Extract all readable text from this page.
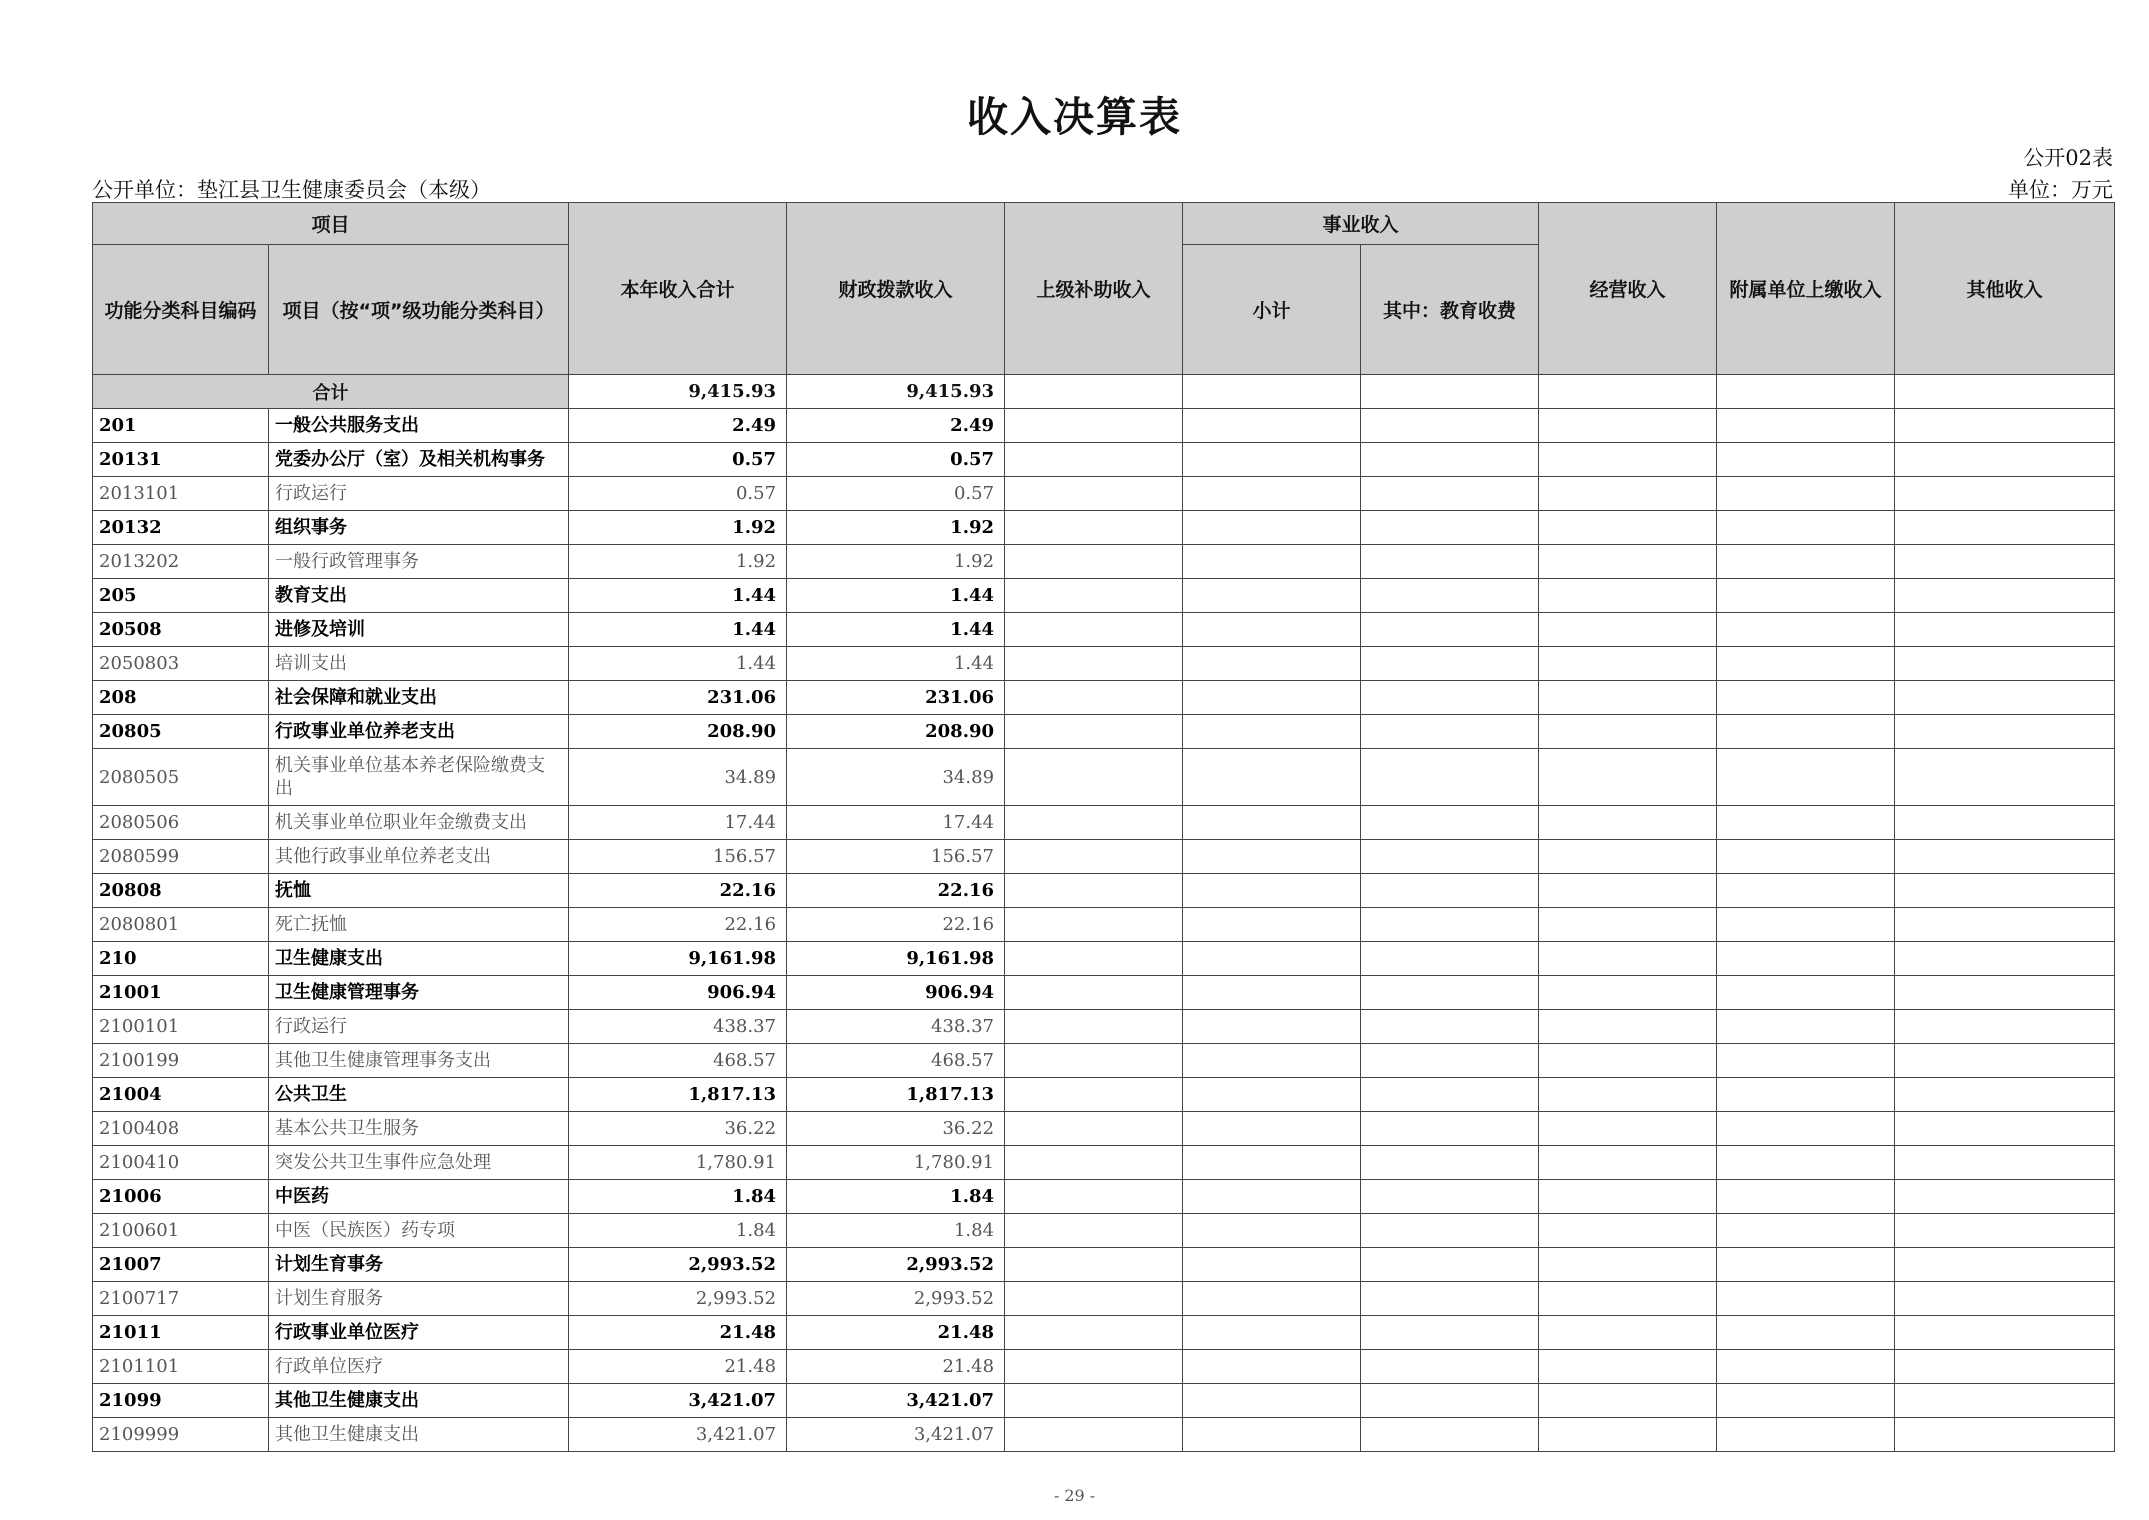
收入决算表
公开02表
公开单位：垫江县卫生健康委员会（本级）	单位：万元
项目		本年收入合计	财政拨款收入	上级补助收入	事业收入		经营收入	附属单位上缴收入	其他收入
功能分类科目编码	项目（按“项”级功能分类科目）				小计	其中：教育收费			
合计		9,415.93	9,415.93						
201	一般公共服务支出	2.49	2.49						
20131	党委办公厅（室）及相关机构事务	0.57	0.57						
2013101	行政运行	0.57	0.57						
20132	组织事务	1.92	1.92						
2013202	一般行政管理事务	1.92	1.92						
205	教育支出	1.44	1.44						
20508	进修及培训	1.44	1.44						
2050803	培训支出	1.44	1.44						
208	社会保障和就业支出	231.06	231.06						
20805	行政事业单位养老支出	208.90	208.90						
2080505	机关事业单位基本养老保险缴费支出	34.89	34.89						
2080506	机关事业单位职业年金缴费支出	17.44	17.44						
2080599	其他行政事业单位养老支出	156.57	156.57						
20808	抚恤	22.16	22.16						
2080801	死亡抚恤	22.16	22.16						
210	卫生健康支出	9,161.98	9,161.98						
21001	卫生健康管理事务	906.94	906.94						
2100101	行政运行	438.37	438.37						
2100199	其他卫生健康管理事务支出	468.57	468.57						
21004	公共卫生	1,817.13	1,817.13						
2100408	基本公共卫生服务	36.22	36.22						
2100410	突发公共卫生事件应急处理	1,780.91	1,780.91						
21006	中医药	1.84	1.84						
2100601	中医（民族医）药专项	1.84	1.84						
21007	计划生育事务	2,993.52	2,993.52						
2100717	计划生育服务	2,993.52	2,993.52						
21011	行政事业单位医疗	21.48	21.48						
2101101	行政单位医疗	21.48	21.48						
21099	其他卫生健康支出	3,421.07	3,421.07						
2109999	其他卫生健康支出	3,421.07	3,421.07						
- 29 -
